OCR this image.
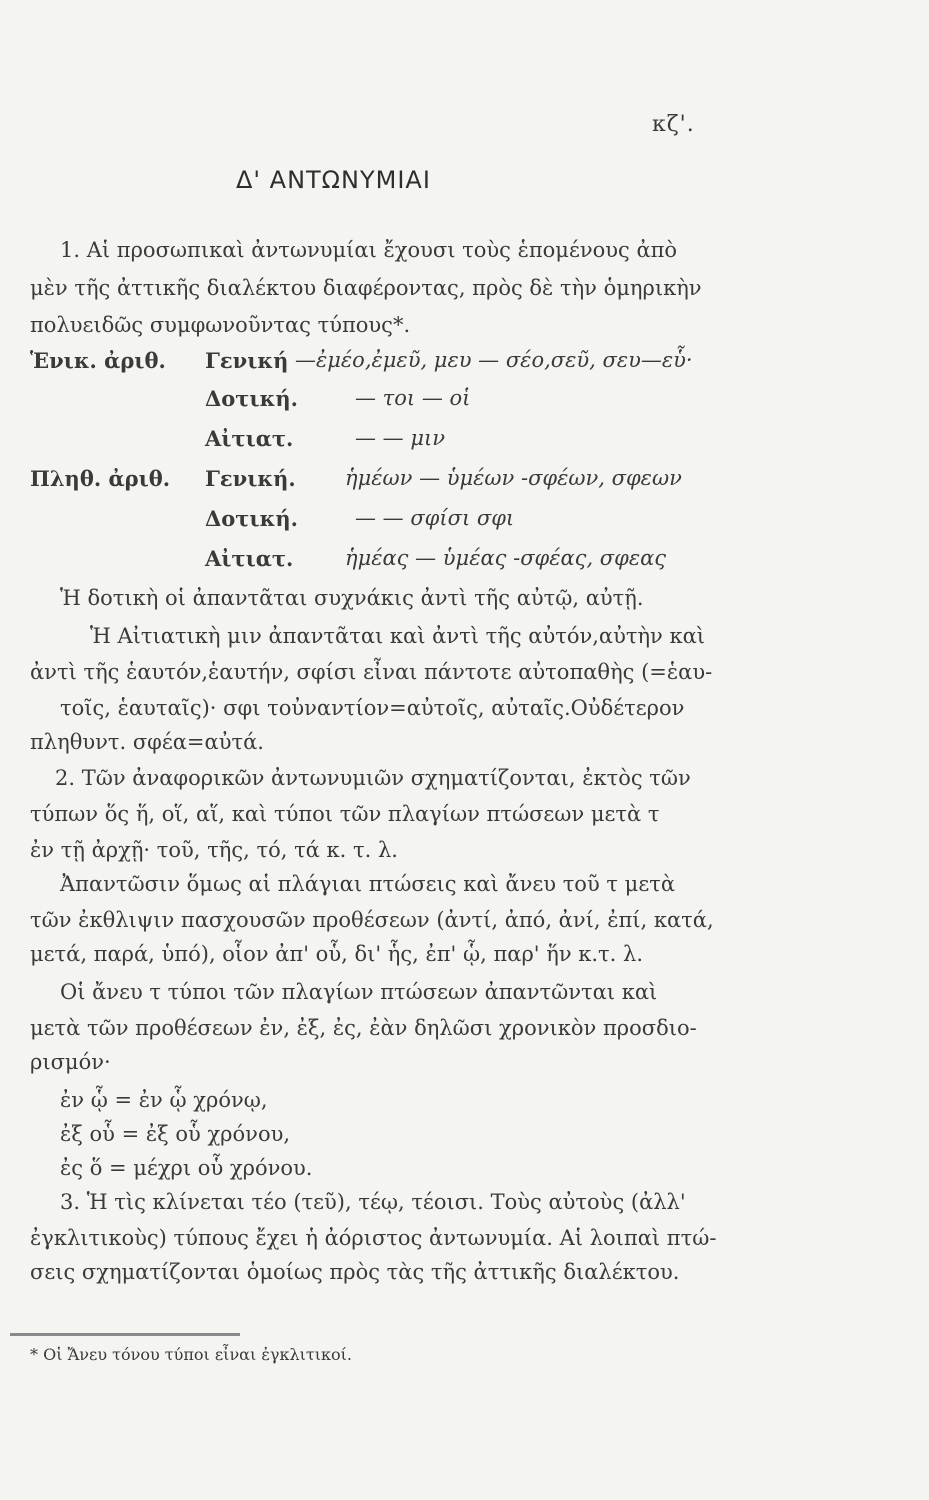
κζ'.
Δ' ΑΝΤΩΝΥΜΙΑΙ
1. Αἱ προσωπικαὶ ἀντωνυμίαι ἔχουσι τοὺς ἑπομένους ἀπὸ
μὲν τῆς ἀττικῆς διαλέκτου διαφέροντας, πρὸς δὲ τὴν ὁμηρικὴν
πολυειδῶς συμφωνοῦντας τύπους*.
Ἑνικ. ἀριθ. Γενική —ἐμέο,ἐμεῦ, μευ — σέο,σεῦ, σευ—εὗ·
Δοτική.	— τοι — οἱ
Αἰτιατ.	— — μιν
Πληθ. ἀριθ. Γενική. ἡμέων — ὑμέων -σφέων, σφεων
Δοτική.	— — σφίσι σφι
Αἰτιατ. ἡμέας — ὑμέας -σφέας, σφεας
Ἡ δοτικὴ οἱ ἀπαντᾶται συχνάκις ἀντὶ τῆς αὐτῷ, αὐτῇ.
Ἡ Αἰτιατικὴ μιν ἀπαντᾶται καὶ ἀντὶ τῆς αὐτόν,αὐτὴν καὶ
ἀντὶ τῆς ἑαυτόν,ἑαυτήν, σφίσι εἶναι πάντοτε αὐτοπαθὴς (=ἑαυ-
τοῖς, ἑαυταῖς)· σφι τοὐναντίον=αὐτοῖς, αὐταῖς.Οὐδέτερον
πληθυντ. σφέα=αὐτά.
2. Τῶν ἀναφορικῶν ἀντωνυμιῶν σχηματίζονται, ἐκτὸς τῶν
τύπων ὅς ἥ, οἵ, αἵ, καὶ τύποι τῶν πλαγίων πτώσεων μετὰ τ
ἐν τῇ ἀρχῇ· τοῦ, τῆς, τό, τά κ. τ. λ.
Ἀπαντῶσιν ὅμως αἱ πλάγιαι πτώσεις καὶ ἄνευ τοῦ τ μετὰ
τῶν ἐκθλιψιν πασχουσῶν προθέσεων (ἀντί, ἀπό, ἀνί, ἐπί, κατά,
μετά, παρά, ὑπό), οἷον ἀπ' οὗ, δι' ἧς, ἐπ' ᾧ, παρ' ἥν κ.τ. λ.
Οἱ ἄνευ τ τύποι τῶν πλαγίων πτώσεων ἀπαντῶνται καὶ
μετὰ τῶν προθέσεων ἐν, ἐξ, ἐς, ἐὰν δηλῶσι χρονικὸν προσδιο-
ρισμόν·
ἐν ᾧ = ἐν ᾧ χρόνῳ,
ἐξ οὗ = ἐξ οὗ χρόνου,
ἐς ὅ = μέχρι οὗ χρόνου.
3. Ἡ τὶς κλίνεται τέο (τεῦ), τέῳ, τέοισι. Τοὺς αὐτοὺς (ἀλλ'
ἐγκλιτικοὺς) τύπους ἔχει ἡ ἀόριστος ἀντωνυμία. Αἱ λοιπαὶ πτώ-
σεις σχηματίζονται ὁμοίως πρὸς τὰς τῆς ἀττικῆς διαλέκτου.
* Οἱ Ἄνευ τόνου τύποι εἶναι ἐγκλιτικοί.
